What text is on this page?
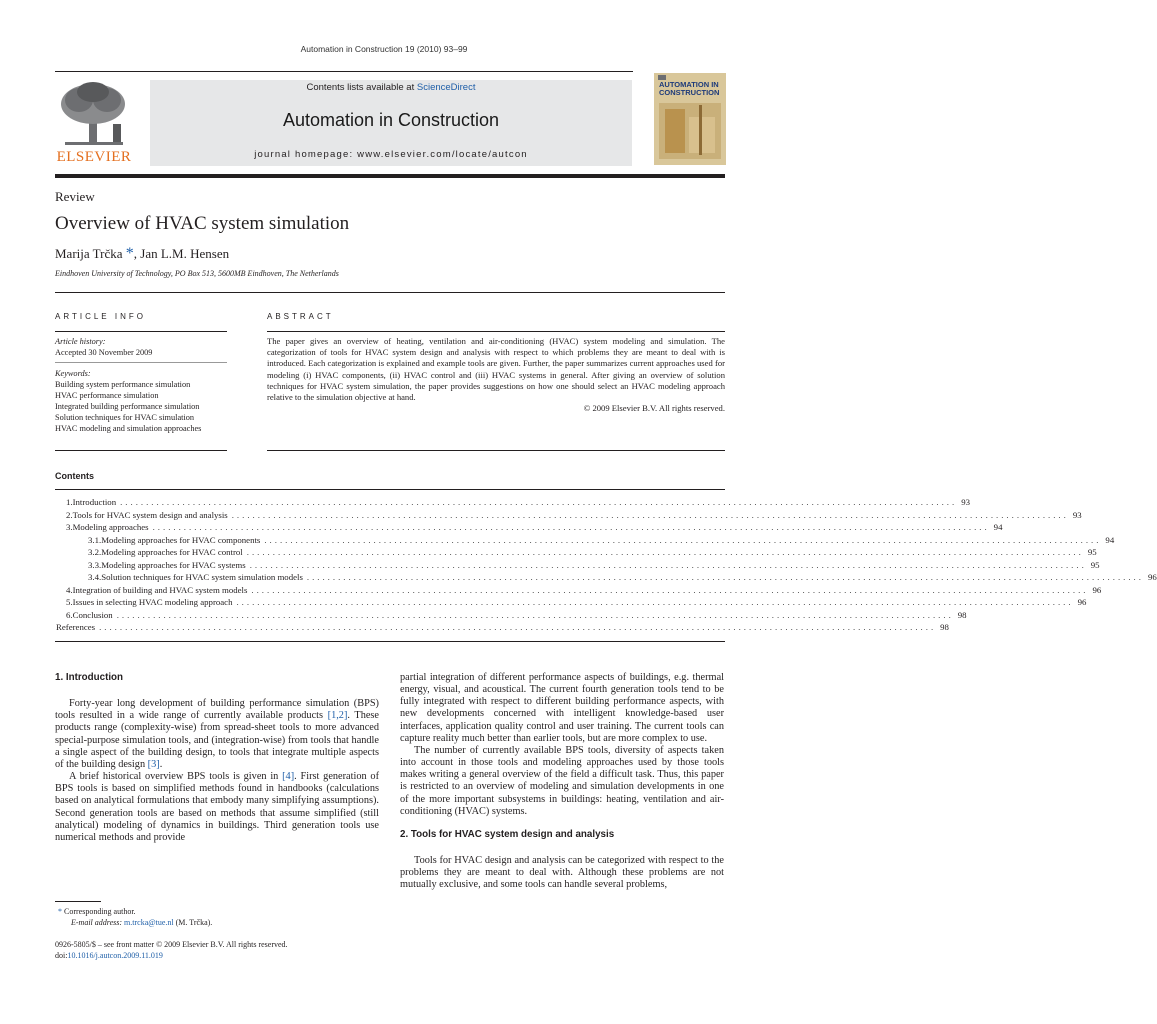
Automation in Construction 19 (2010) 93–99
ELSEVIER
Contents lists available at ScienceDirect
Automation in Construction
journal homepage: www.elsevier.com/locate/autcon
AUTOMATION IN CONSTRUCTION
Review
Overview of HVAC system simulation
Marija Trčka *, Jan L.M. Hensen
Eindhoven University of Technology, PO Box 513, 5600MB Eindhoven, The Netherlands
ARTICLE INFO
Article history:
Accepted 30 November 2009
Keywords:
Building system performance simulation
HVAC performance simulation
Integrated building performance simulation
Solution techniques for HVAC simulation
HVAC modeling and simulation approaches
ABSTRACT
The paper gives an overview of heating, ventilation and air-conditioning (HVAC) system modeling and simulation. The categorization of tools for HVAC system design and analysis with respect to which problems they are meant to deal with is introduced. Each categorization is explained and example tools are given. Further, the paper summarizes current approaches used for modeling (i) HVAC components, (ii) HVAC control and (iii) HVAC systems in general. After giving an overview of solution techniques for HVAC system simulation, the paper provides suggestions on how one should select an HVAC modeling approach relative to the simulation objective at hand.
© 2009 Elsevier B.V. All rights reserved.
Contents
1. Introduction ................................................................................................................................................................. 93
2. Tools for HVAC system design and analysis ................................................................................................................................................................. 93
3. Modeling approaches ................................................................................................................................................................. 94
3.1. Modeling approaches for HVAC components ................................................................................................................................................................. 94
3.2. Modeling approaches for HVAC control ................................................................................................................................................................. 95
3.3. Modeling approaches for HVAC systems ................................................................................................................................................................. 95
3.4. Solution techniques for HVAC system simulation models ................................................................................................................................................................. 96
4. Integration of building and HVAC system models ................................................................................................................................................................. 96
5. Issues in selecting HVAC modeling approach ................................................................................................................................................................. 96
6. Conclusion ................................................................................................................................................................. 98
References ................................................................................................................................................................. 98

1. Introduction

Forty-year long development of building performance simulation (BPS) tools resulted in a wide range of currently available products [1,2]. These products range (complexity-wise) from spread-sheet tools to more advanced special-purpose simulation tools, and (integration-wise) from tools that handle a single aspect of the building design, to tools that integrate multiple aspects of the building design [3].

A brief historical overview BPS tools is given in [4]. First generation of BPS tools is based on simplified methods found in handbooks (calculations based on analytical formulations that embody many simplifying assumptions). Second generation tools are based on methods that assume simplified (still analytical) modeling of dynamics in buildings. Third generation tools use numerical methods and provide

partial integration of different performance aspects of buildings, e.g. thermal energy, visual, and acoustical. The current fourth generation tools tend to be fully integrated with respect to different building performance aspects, with new developments concerned with intelligent knowledge-based user interfaces, application quality control and user training. The current tools can capture reality much better than earlier tools, but are more complex to use.

The number of currently available BPS tools, diversity of aspects taken into account in those tools and modeling approaches used by those tools makes writing a general overview of the field a difficult task. Thus, this paper is restricted to an overview of modeling and simulation developments in one of the more important subsystems in buildings: heating, ventilation and air-conditioning (HVAC) systems.

2. Tools for HVAC system design and analysis

Tools for HVAC design and analysis can be categorized with respect to the problems they are meant to deal with. Although these problems are not mutually exclusive, and some tools can handle several problems,

* Corresponding author.
E-mail address: m.trcka@tue.nl (M. Trčka).
0926-5805/$ – see front matter © 2009 Elsevier B.V. All rights reserved.
doi:10.1016/j.autcon.2009.11.019
